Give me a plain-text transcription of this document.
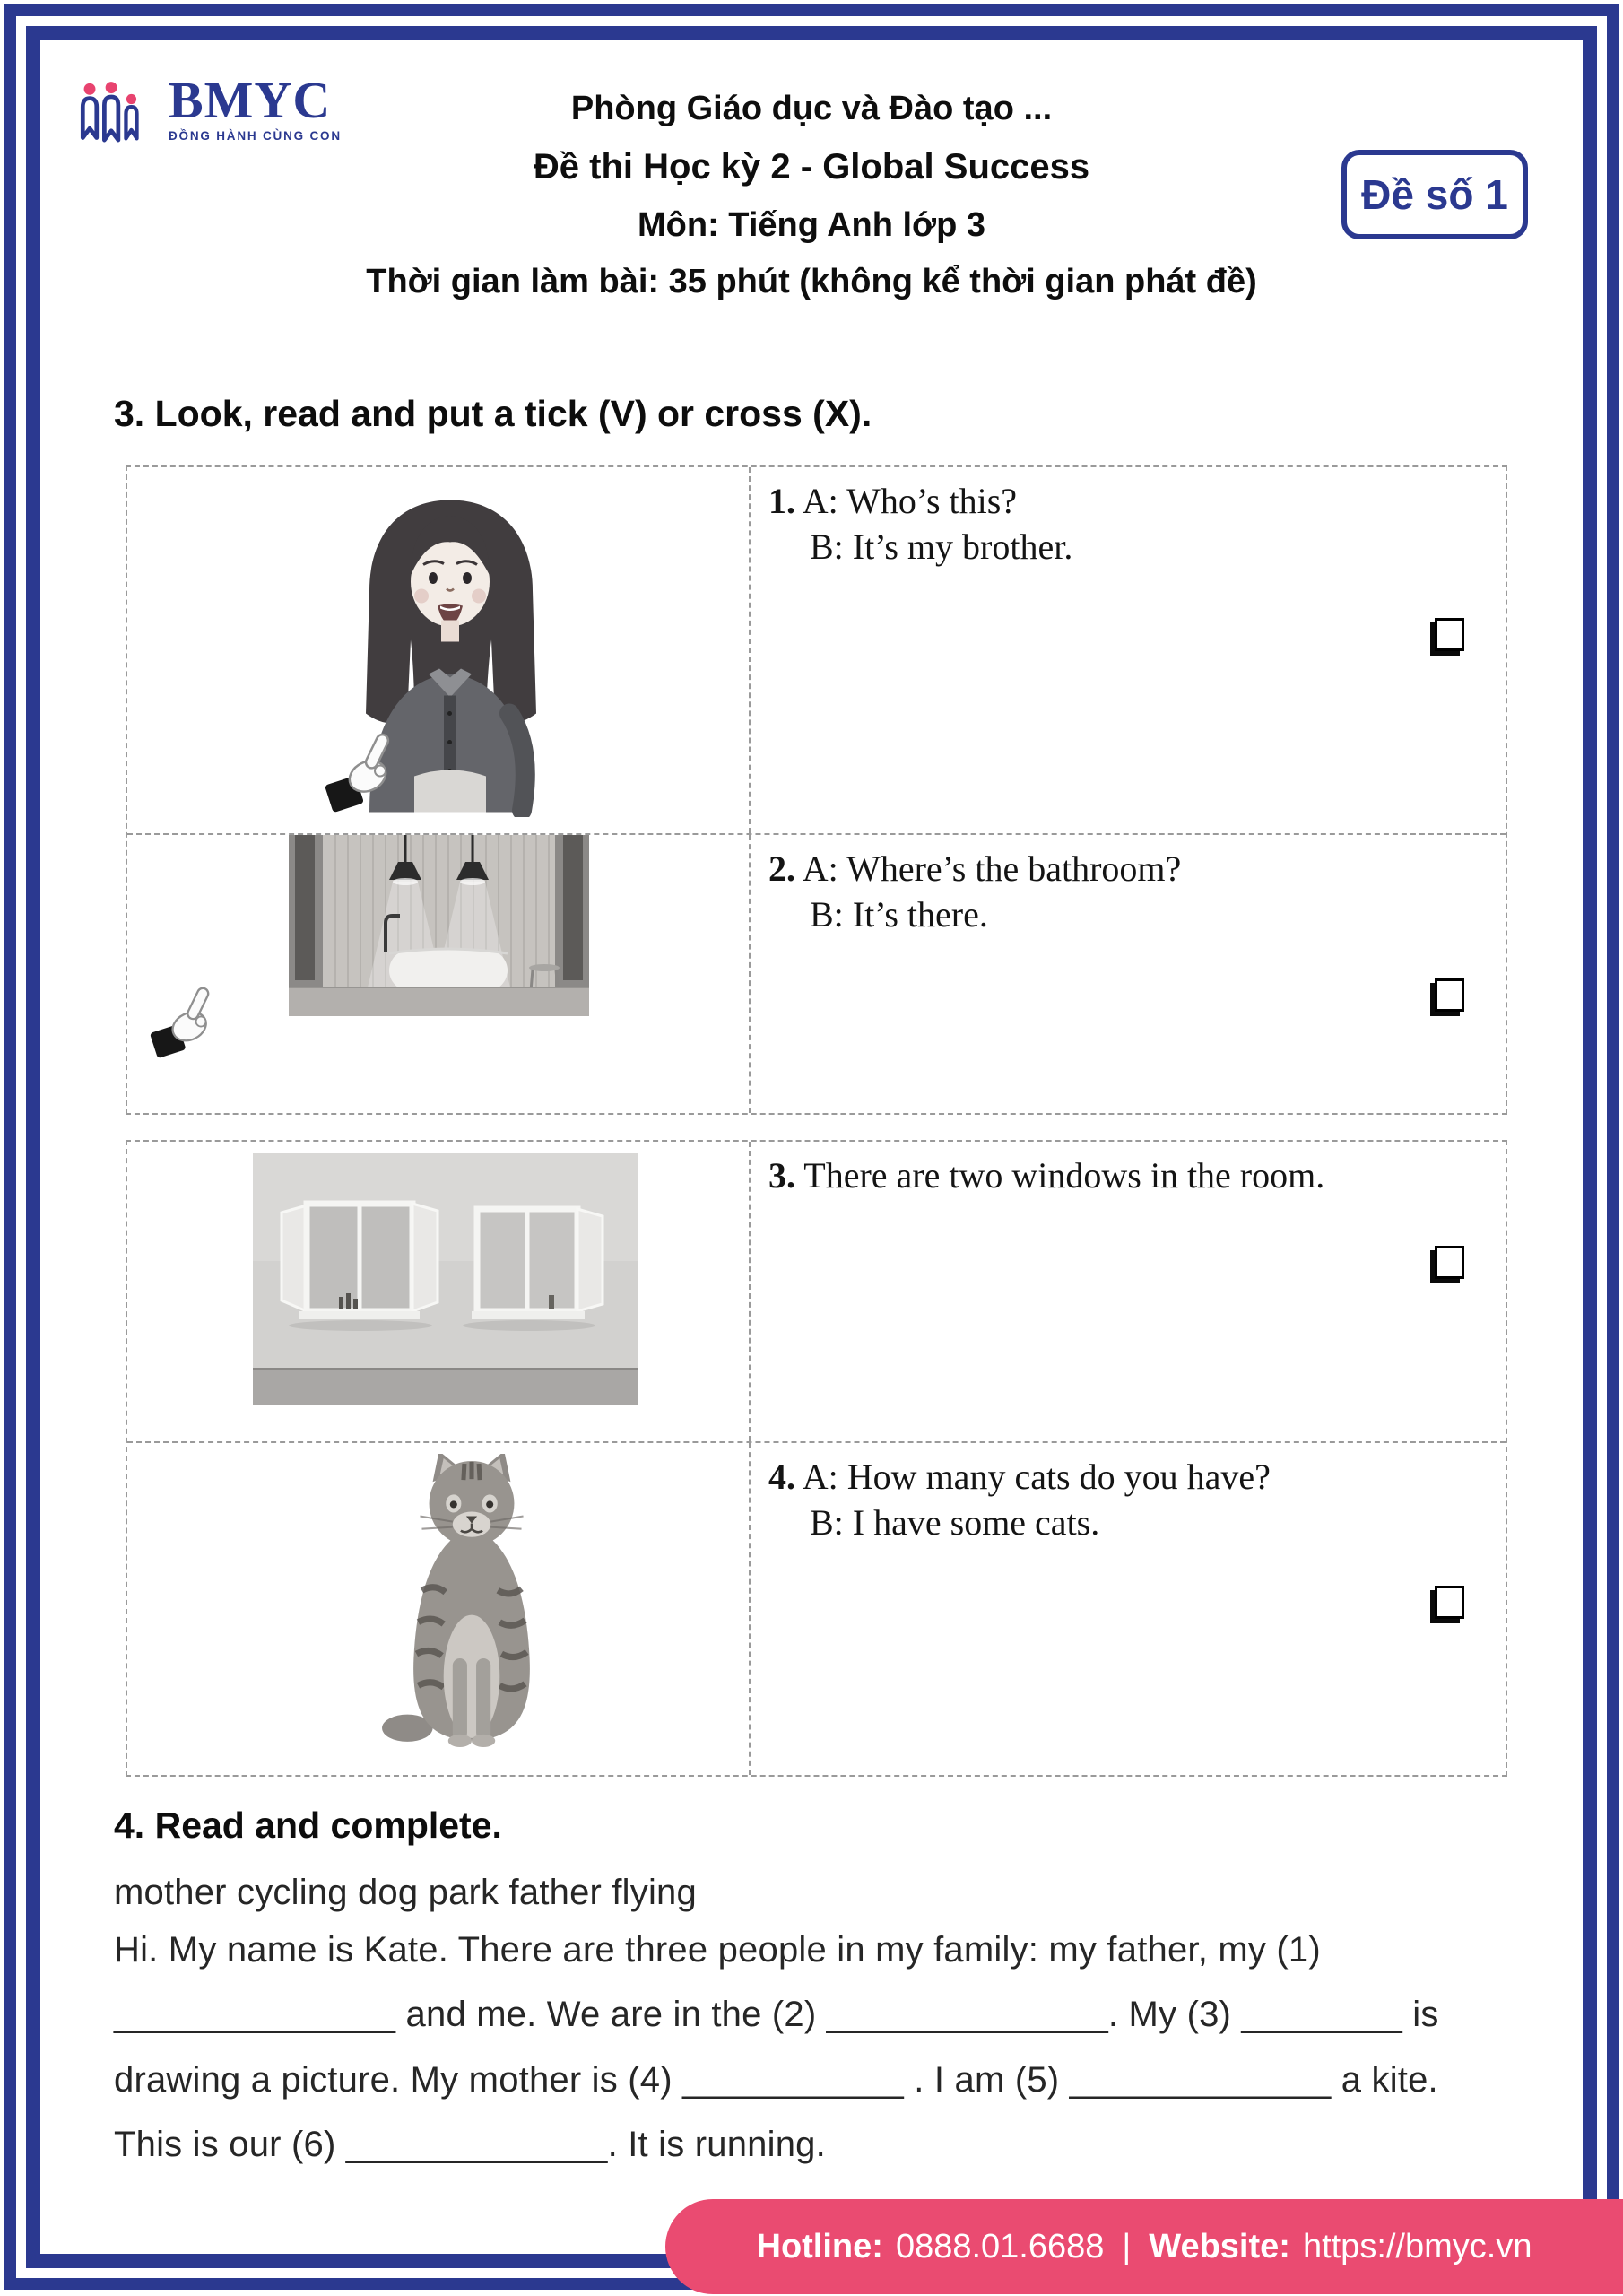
BMYC
ĐỒNG HÀNH CÙNG CON
Phòng Giáo dục và Đào tạo ...
Đề thi Học kỳ 2 - Global Success
Môn: Tiếng Anh lớp 3
Thời gian làm bài: 35 phút (không kể thời gian phát đề)
Đề số 1
3. Look, read and put a tick (V) or cross (X).
1. A: Who’s this?
B: It’s my brother.
2. A: Where’s the bathroom?
B: It’s there.
3. There are two windows in the room.
4. A: How many cats do you have?
B: I have some cats.
4. Read and complete.
mother cycling dog park father flying
Hi. My name is Kate. There are three people in my family: my father, my (1)
______________ and me. We are in the (2) ______________. My (3) ________ is
drawing a picture. My mother is (4) ___________ . I am (5) _____________ a kite.
This is our (6) _____________. It is running.
Hotline: 0888.01.6688 | Website: https://bmyc.vn
